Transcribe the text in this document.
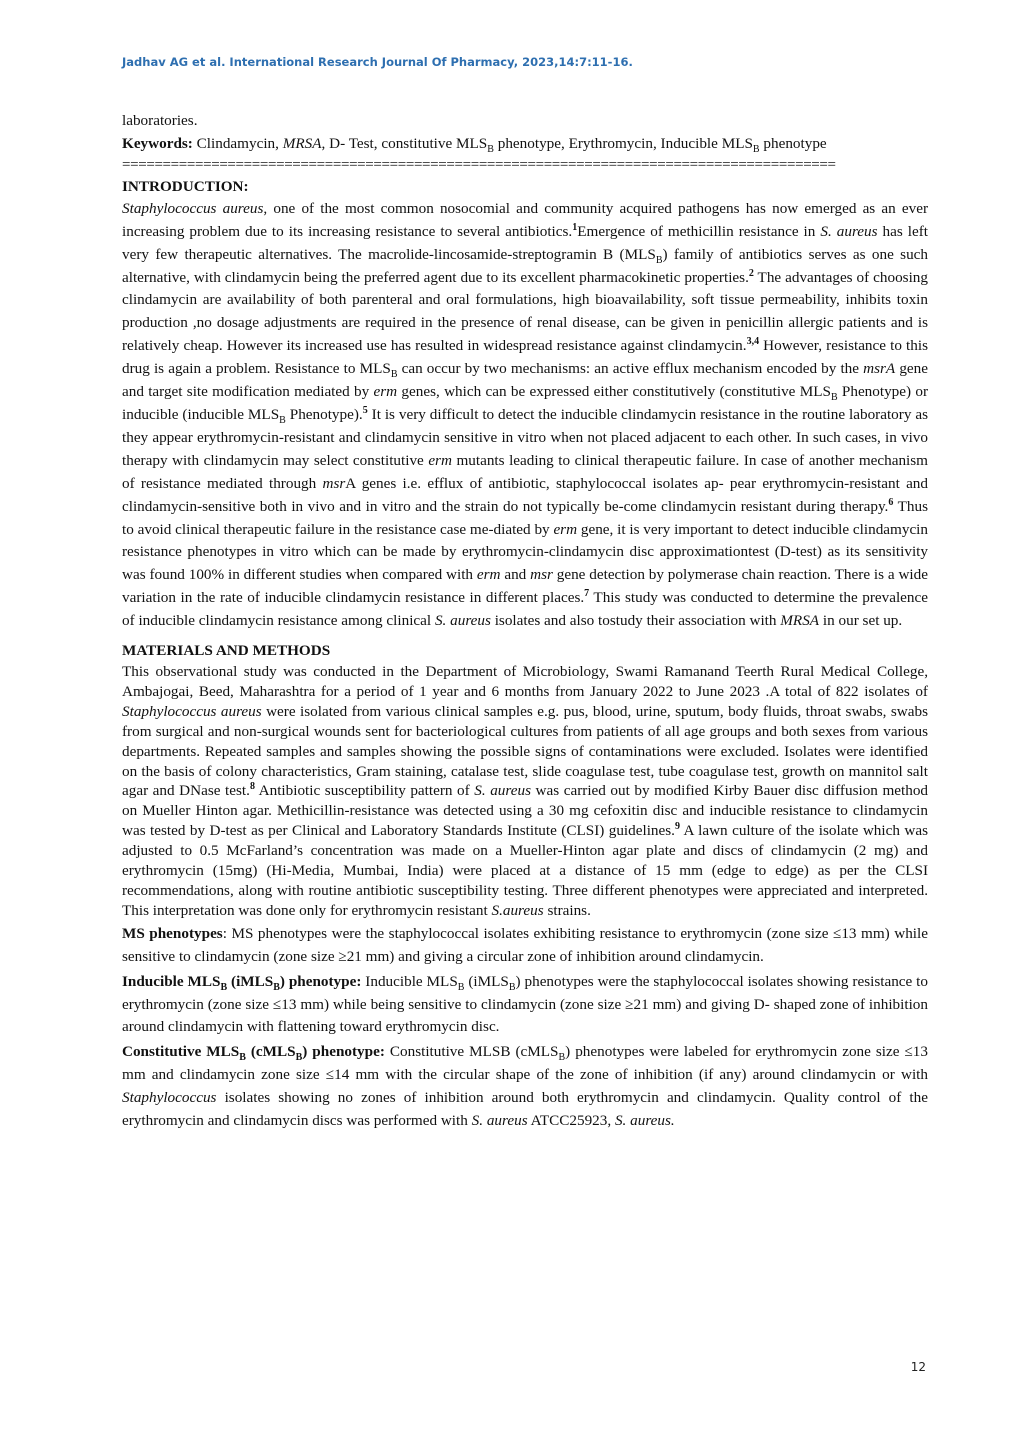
Jadhav AG et al. International Research Journal Of Pharmacy, 2023,14:7:11-16.

laboratories.

Keywords: Clindamycin, MRSA, D- Test, constitutive $MLS_B$ phenotype, Erythromycin, Inducible $MLS_B$ phenotype

========================================================================================
INTRODUCTION:

Staphylococcus aureus, one of the most common nosocomial and community acquired pathogens has now emerged as an ever increasing problem due to its increasing resistance to several antibiotics.$^1$Emergence of methicillin resistance in S. aureus has left very few therapeutic alternatives. The macrolide-lincosamide-streptogramin B $(MLS_B)$ family of antibiotics serves as one such alternative, with clindamycin being the preferred agent due to its excellent pharmacokinetic properties.$^2$ The advantages of choosing clindamycin are availability of both parenteral and oral formulations, high bioavailability, soft tissue permeability, inhibits toxin production ,no dosage adjustments are required in the presence of renal disease, can be given in penicillin allergic patients and is relatively cheap. However its increased use has resulted in widespread resistance against clindamycin.$^{3,4}$ However, resistance to this drug is again a problem. Resistance to $MLS_B$ can occur by two mechanisms: an active efflux mechanism encoded by the msrA gene and target site modification mediated by erm genes, which can be expressed either constitutively (constitutive $MLS_B$ Phenotype) or inducible (inducible $MLS_B$ Phenotype).$^5$ It is very difficult to detect the inducible clindamycin resistance in the routine laboratory as they appear erythromycin-resistant and clindamycin sensitive in vitro when not placed adjacent to each other. In such cases, in vivo therapy with clindamycin may select constitutive erm mutants leading to clinical therapeutic failure. In case of another mechanism of resistance mediated through msrA genes i.e. efflux of antibiotic, staphylococcal isolates ap- pear erythromycin-resistant and clindamycin-sensitive both in vivo and in vitro and the strain do not typically be-come clindamycin resistant during therapy.$^6$ Thus to avoid clinical therapeutic failure in the resistance case me-diated by erm gene, it is very important to detect inducible clindamycin resistance phenotypes in vitro which can be made by erythromycin-clindamycin disc approximationtest (D-test) as its sensitivity was found 100% in different studies when compared with erm and msr gene detection by polymerase chain reaction. There is a wide variation in the rate of inducible clindamycin resistance in different places.$^7$ This study was conducted to determine the prevalence of inducible clindamycin resistance among clinical S. aureus isolates and also tostudy their association with MRSA in our set up.

MATERIALS AND METHODS

This observational study was conducted in the Department of Microbiology, Swami Ramanand Teerth Rural Medical College, Ambajogai, Beed, Maharashtra for a period of 1 year and 6 months from January 2022 to June 2023 .A total of 822 isolates of Staphylococcus aureus were isolated from various clinical samples e.g. pus, blood, urine, sputum, body fluids, throat swabs, swabs from surgical and non-surgical wounds sent for bacteriological cultures from patients of all age groups and both sexes from various departments. Repeated samples and samples showing the possible signs of contaminations were excluded. Isolates were identified on the basis of colony characteristics, Gram staining, catalase test, slide coagulase test, tube coagulase test, growth on mannitol salt agar and DNase test.$^8$ Antibiotic susceptibility pattern of S. aureus was carried out by modified Kirby Bauer disc diffusion method on Mueller Hinton agar. Methicillin-resistance was detected using a 30 mg cefoxitin disc and inducible resistance to clindamycin was tested by D-test as per Clinical and Laboratory Standards Institute (CLSI) guidelines.$^9$ A lawn culture of the isolate which was adjusted to 0.5 McFarland’s concentration was made on a Mueller-Hinton agar plate and discs of clindamycin (2 mg) and erythromycin (15mg) (Hi-Media, Mumbai, India) were placed at a distance of 15 mm (edge to edge) as per the CLSI recommendations, along with routine antibiotic susceptibility testing. Three different phenotypes were appreciated and interpreted. This interpretation was done only for erythromycin resistant S.aureus strains.

MS phenotypes: MS phenotypes were the staphylococcal isolates exhibiting resistance to erythromycin (zone size ≤13 mm) while sensitive to clindamycin (zone size ≥21 mm) and giving a circular zone of inhibition around clindamycin.

Inducible $MLS_B$ (iMLS$_B$) phenotype: Inducible $MLS_B$ (iMLS$_B$) phenotypes were the staphylococcal isolates showing resistance to erythromycin (zone size ≤13 mm) while being sensitive to clindamycin (zone size ≥21 mm) and giving D- shaped zone of inhibition around clindamycin with flattening toward erythromycin disc.

Constitutive $MLS_B$ (cMLS$_B$) phenotype: Constitutive MLSB (cMLS$_B$) phenotypes were labeled for erythromycin zone size ≤13 mm and clindamycin zone size ≤14 mm with the circular shape of the zone of inhibition (if any) around clindamycin or with Staphylococcus isolates showing no zones of inhibition around both erythromycin and clindamycin. Quality control of the erythromycin and clindamycin discs was performed with S. aureus ATCC25923, S. aureus.

12
